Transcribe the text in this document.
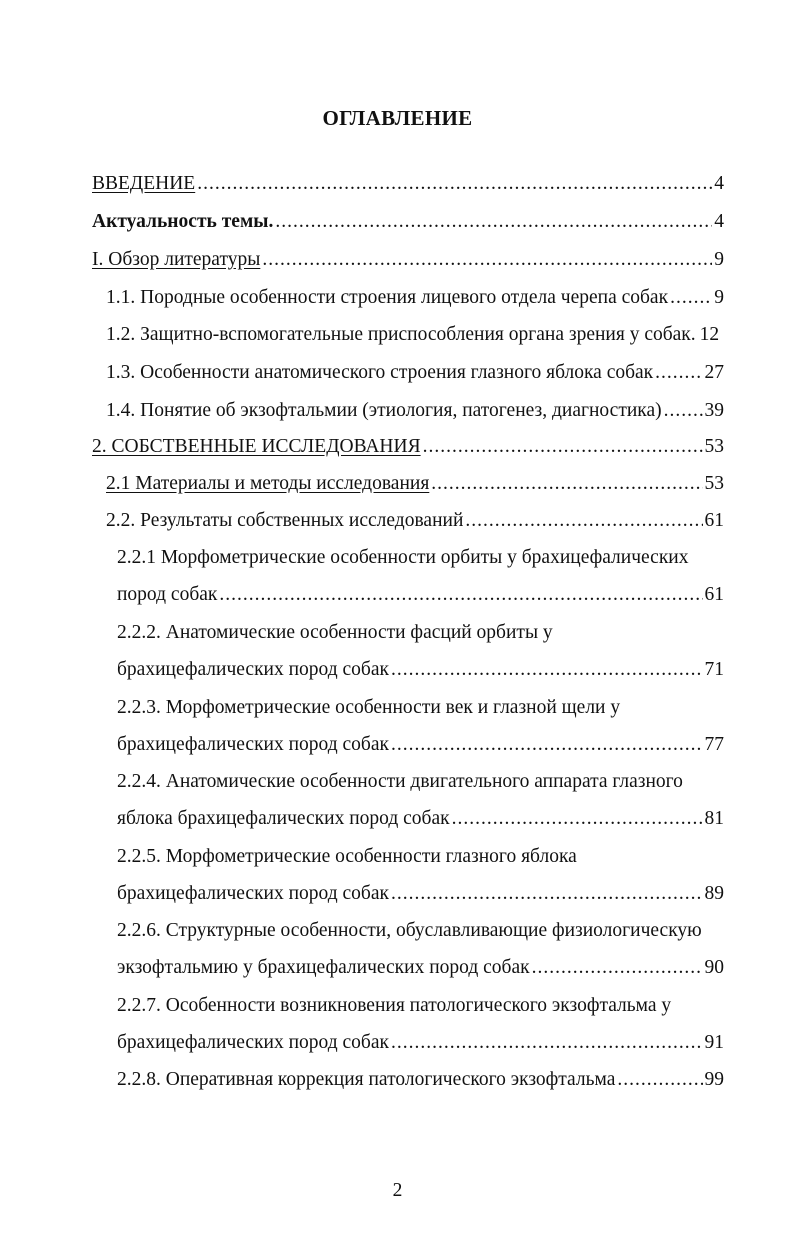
ОГЛАВЛЕНИЕ
ВВЕДЕНИЕ .....	4
Актуальность темы. .....	4
I. Обзор литературы .....	9
1.1. Породные особенности строения лицевого отдела черепа собак ..... 9
1.2. Защитно-вспомогательные приспособления органа зрения у собак. 12
1.3. Особенности анатомического строения глазного яблока собак .....	27
1.4. Понятие об экзофтальмии (этиология, патогенез, диагностика) ..... 39
2. СОБСТВЕННЫЕ ИССЛЕДОВАНИЯ .....	53
2.1 Материалы и методы исследования .....	53
2.2. Результаты собственных исследований .....	61
2.2.1 Морфометрические особенности орбиты у брахицефалических
пород собак .....	61
2.2.2. Анатомические особенности фасций орбиты у
брахицефалических пород собак .....	71
2.2.3. Морфометрические особенности век и глазной щели у
брахицефалических пород собак .....	77
2.2.4. Анатомические особенности двигательного аппарата глазного
яблока брахицефалических пород собак .....	81
2.2.5. Морфометрические особенности глазного яблока
брахицефалических пород собак .....	89
2.2.6. Структурные особенности, обуславливающие физиологическую
экзофтальмию у брахицефалических пород собак .....	90
2.2.7. Особенности возникновения патологического экзофтальма у
брахицефалических пород собак .....	91
2.2.8. Оперативная коррекция патологического экзофтальма .....	99
2
